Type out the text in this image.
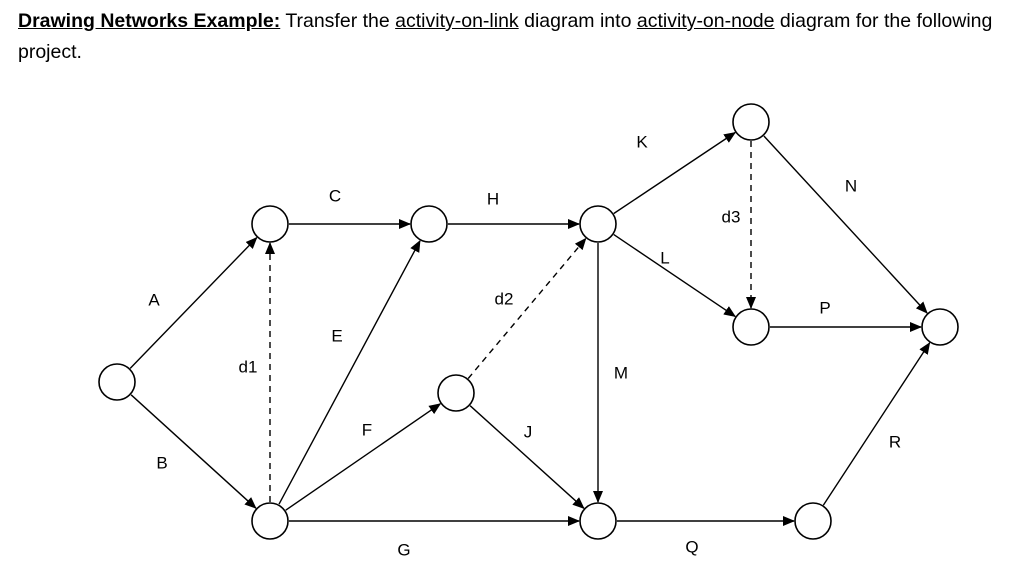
Drawing Networks Example: Transfer the activity-on-link diagram into activity-on-node diagram for the following project.

A
B
d1
C
E
F
G
H
d2
J
M
K
L
d3
N
P
Q
R
